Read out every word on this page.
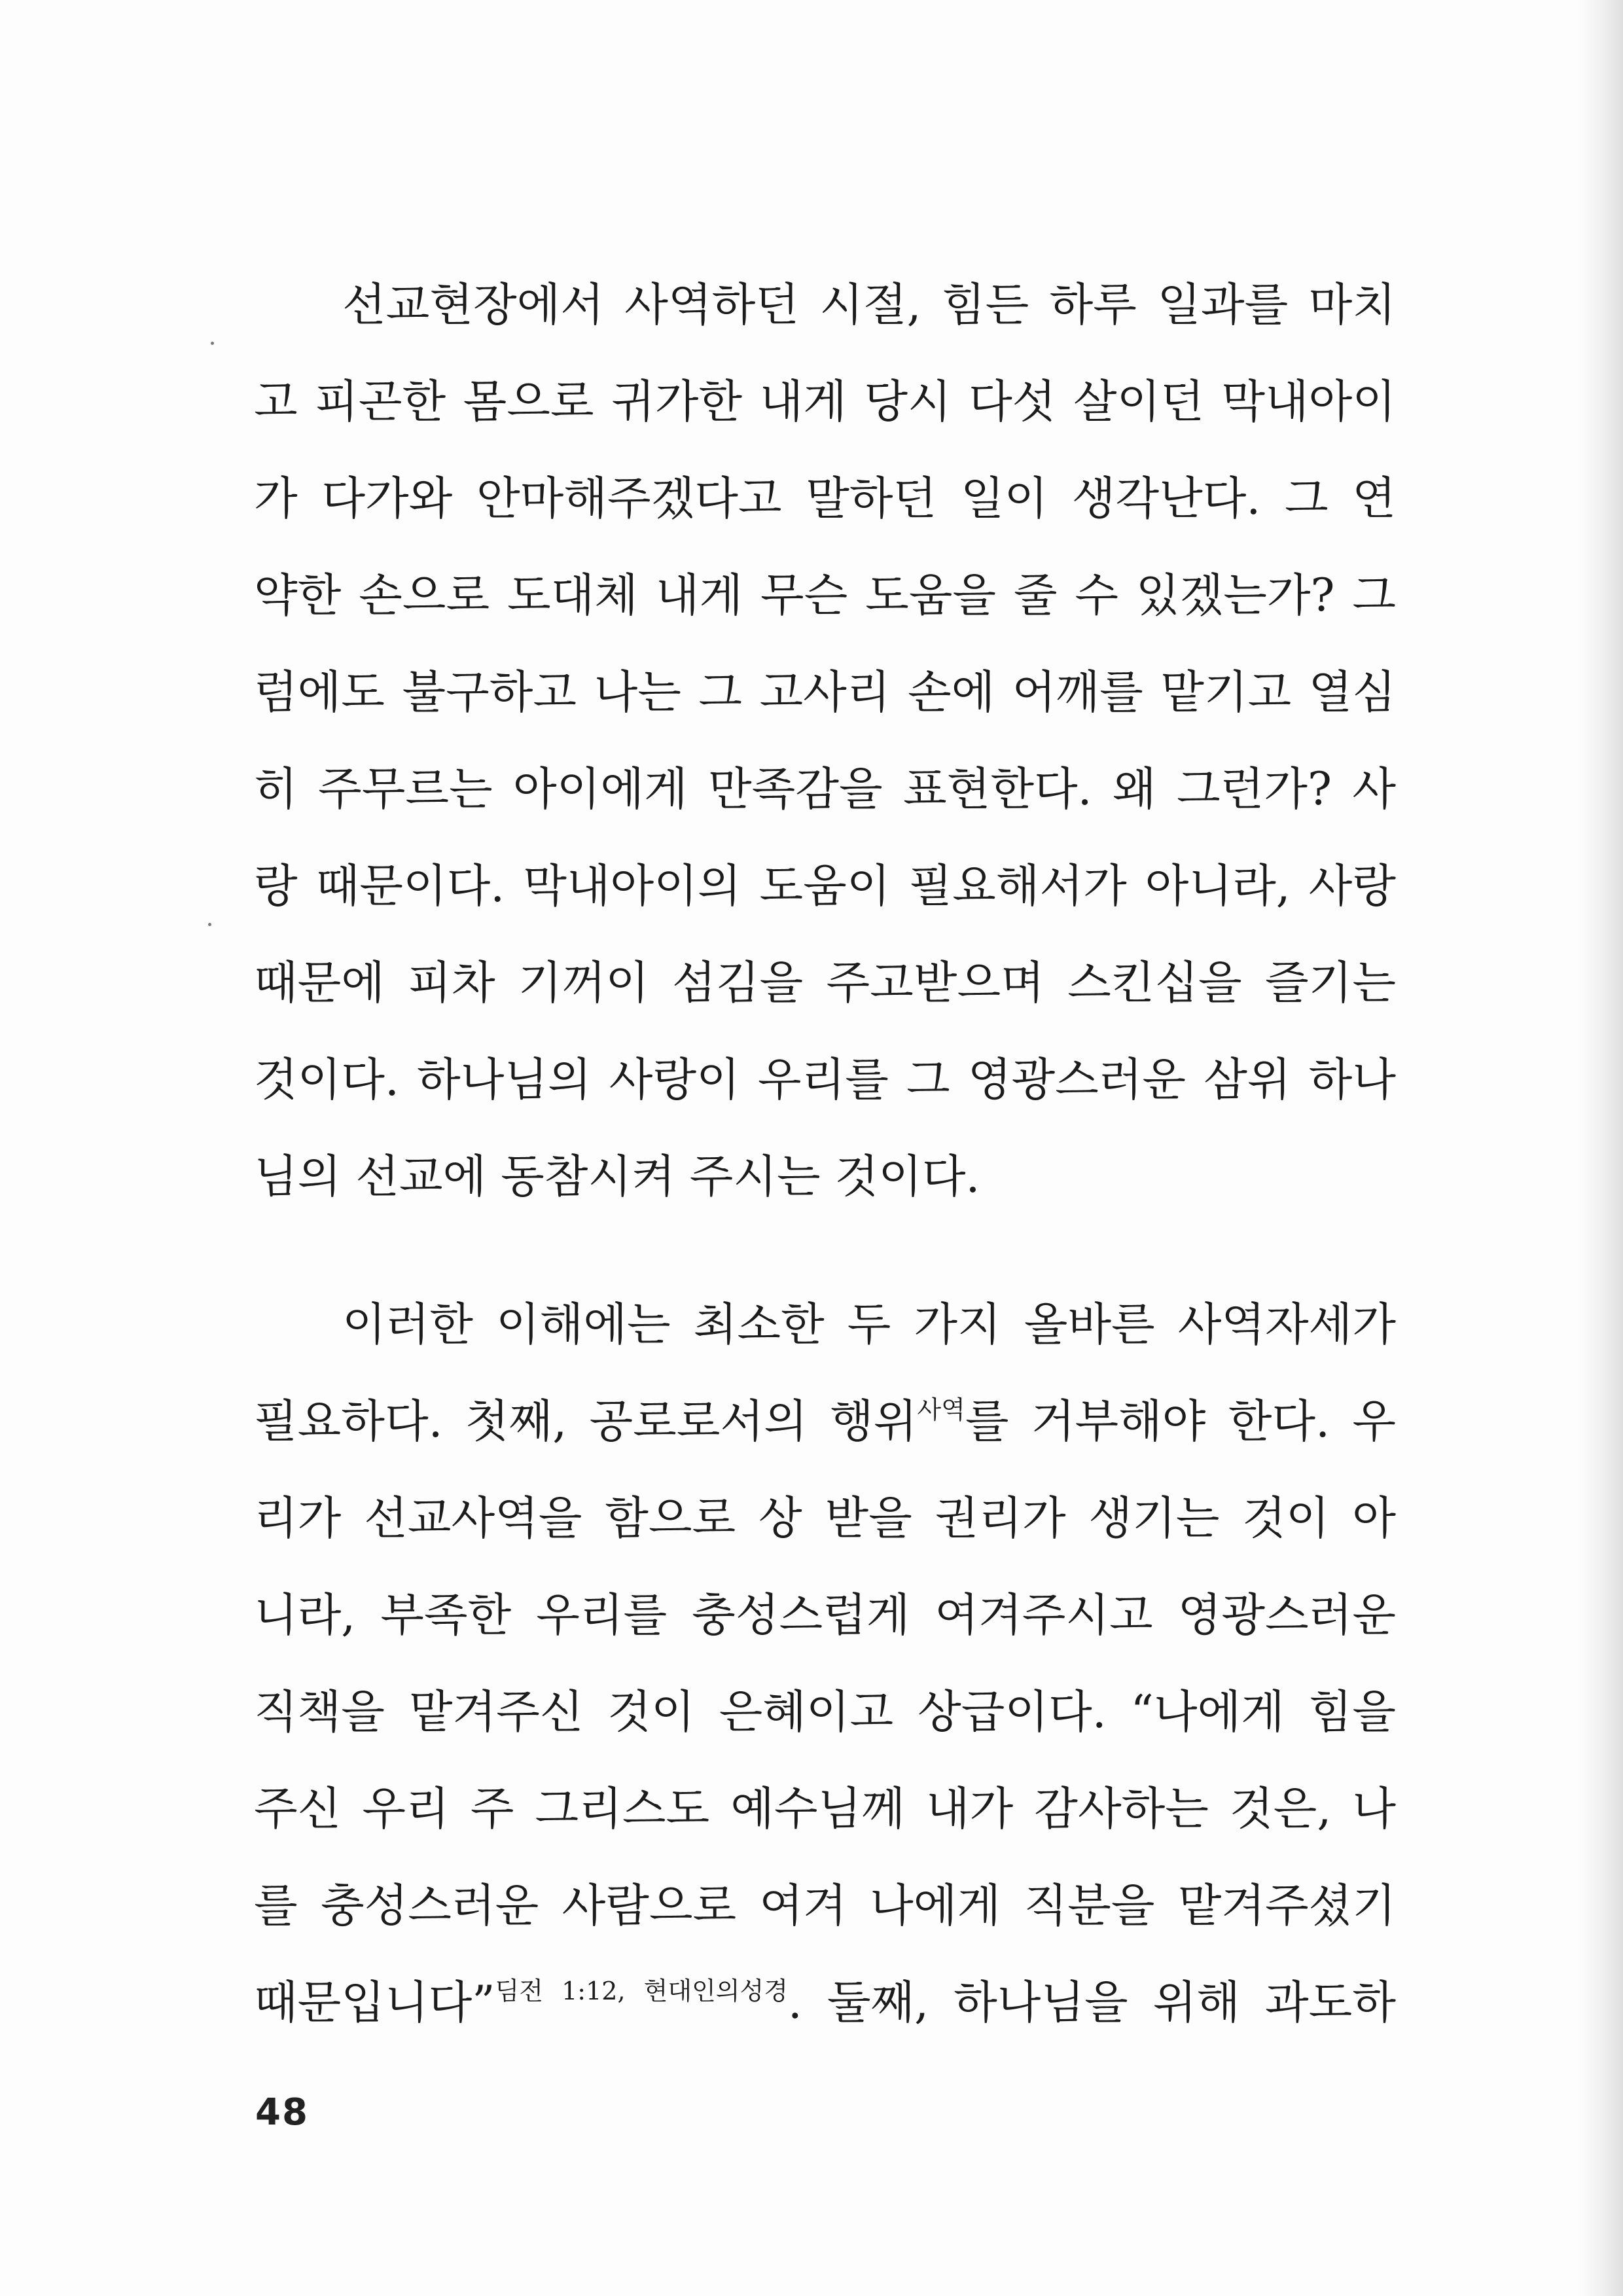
선교현장에서 사역하던 시절, 힘든 하루 일과를 마치
고 피곤한 몸으로 귀가한 내게 당시 다섯 살이던 막내아이
가 다가와 안마해주겠다고 말하던 일이 생각난다. 그 연
약한 손으로 도대체 내게 무슨 도움을 줄 수 있겠는가? 그
럼에도 불구하고 나는 그 고사리 손에 어깨를 맡기고 열심
히 주무르는 아이에게 만족감을 표현한다. 왜 그런가? 사
랑 때문이다. 막내아이의 도움이 필요해서가 아니라, 사랑
때문에 피차 기꺼이 섬김을 주고받으며 스킨십을 즐기는
것이다. 하나님의 사랑이 우리를 그 영광스러운 삼위 하나
님의 선교에 동참시켜 주시는 것이다.
이러한 이해에는 최소한 두 가지 올바른 사역자세가
필요하다. 첫째, 공로로서의 행위$^{사역}$를 거부해야 한다. 우
리가 선교사역을 함으로 상 받을 권리가 생기는 것이 아
니라, 부족한 우리를 충성스럽게 여겨주시고 영광스러운
직책을 맡겨주신 것이 은혜이고 상급이다. “나에게 힘을
주신 우리 주 그리스도 예수님께 내가 감사하는 것은, 나
를 충성스러운 사람으로 여겨 나에게 직분을 맡겨주셨기
때문입니다”$^{딤전 1:12, 현대인의성경}$. 둘째, 하나님을 위해 과도하
48
